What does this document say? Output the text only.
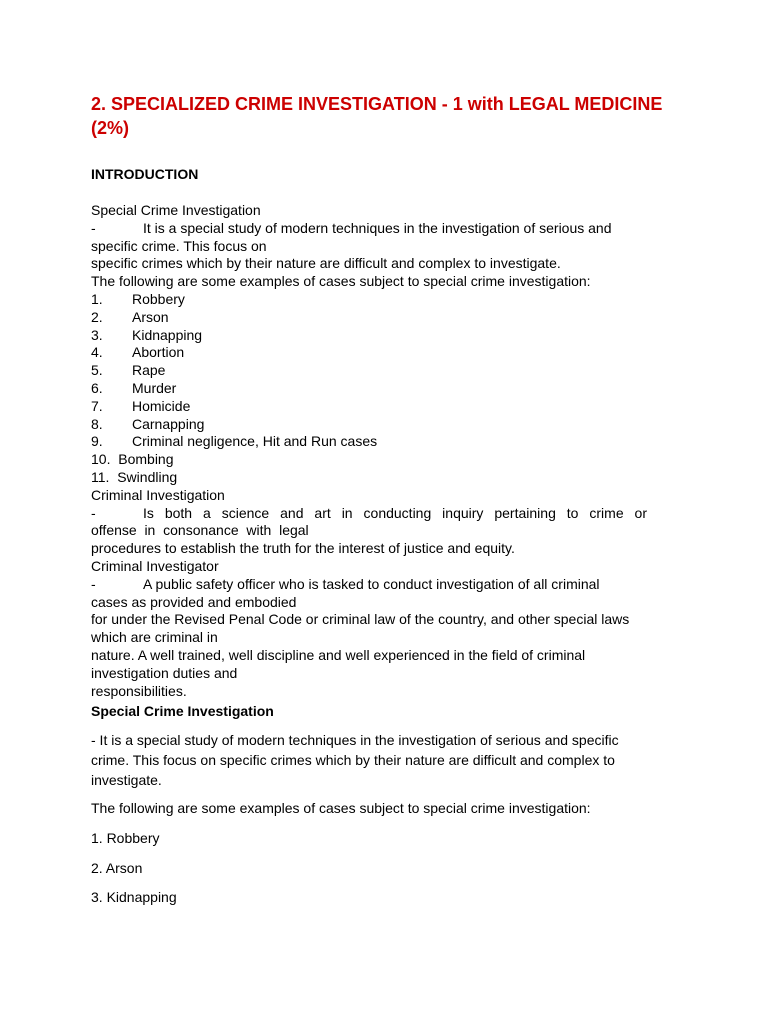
2. SPECIALIZED CRIME INVESTIGATION - 1 with LEGAL MEDICINE
(2%)
INTRODUCTION
Special Crime Investigation
-	It is a special study of modern techniques in the investigation of serious and
specific crime. This focus on
specific crimes which by their nature are difficult and complex to investigate.
The following are some examples of cases subject to special crime investigation:
1.	Robbery
2.	Arson
3.	Kidnapping
4.	Abortion
5.	Rape
6.	Murder
7.	Homicide
8.	Carnapping
9.	Criminal negligence, Hit and Run cases
10. Bombing
11. Swindling
Criminal Investigation
-	Is both a science and art in conducting inquiry pertaining to crime or
offense  in  consonance  with  legal
procedures to establish the truth for the interest of justice and equity.
Criminal Investigator
-	A public safety officer who is tasked to conduct investigation of all criminal
cases as provided and embodied
for under the Revised Penal Code or criminal law of the country, and other special laws
which are criminal in
nature. A well trained, well discipline and well experienced in the field of criminal
investigation duties and
responsibilities.
Special Crime Investigation
- It is a special study of modern techniques in the investigation of serious and specific
crime. This focus on specific crimes which by their nature are difficult and complex to
investigate.
The following are some examples of cases subject to special crime investigation:
1. Robbery
2. Arson
3. Kidnapping
